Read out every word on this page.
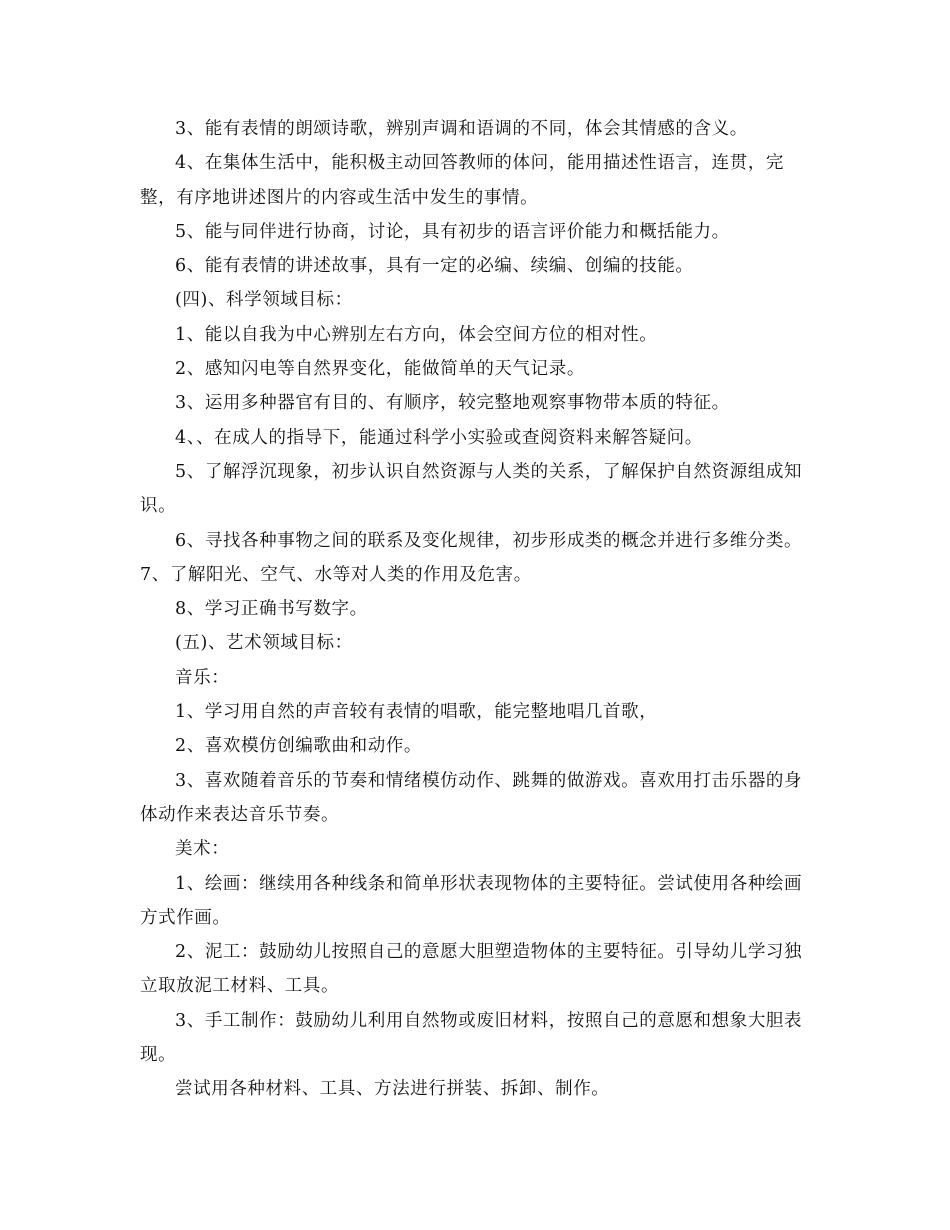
3、能有表情的朗颂诗歌，辨别声调和语调的不同，体会其情感的含义。

4、在集体生活中，能积极主动回答教师的体问，能用描述性语言，连贯，完整，有序地讲述图片的内容或生活中发生的事情。

5、能与同伴进行协商，讨论，具有初步的语言评价能力和概括能力。

6、能有表情的讲述故事，具有一定的必编、续编、创编的技能。

(四)、科学领域目标：

1、能以自我为中心辨别左右方向，体会空间方位的相对性。

2、感知闪电等自然界变化，能做简单的天气记录。

3、运用多种器官有目的、有顺序，较完整地观察事物带本质的特征。

4、、在成人的指导下，能通过科学小实验或查阅资料来解答疑问。

5、了解浮沉现象，初步认识自然资源与人类的关系，了解保护自然资源组成知识。

6、寻找各种事物之间的联系及变化规律，初步形成类的概念并进行多维分类。

7、了解阳光、空气、水等对人类的作用及危害。

8、学习正确书写数字。

(五)、艺术领域目标：

音乐：

1、学习用自然的声音较有表情的唱歌，能完整地唱几首歌，

2、喜欢模仿创编歌曲和动作。

3、喜欢随着音乐的节奏和情绪模仿动作、跳舞的做游戏。喜欢用打击乐器的身体动作来表达音乐节奏。

美术：

1、绘画：继续用各种线条和简单形状表现物体的主要特征。尝试使用各种绘画方式作画。

2、泥工：鼓励幼儿按照自己的意愿大胆塑造物体的主要特征。引导幼儿学习独立取放泥工材料、工具。

3、手工制作：鼓励幼儿利用自然物或废旧材料，按照自己的意愿和想象大胆表现。

尝试用各种材料、工具、方法进行拼装、拆卸、制作。
